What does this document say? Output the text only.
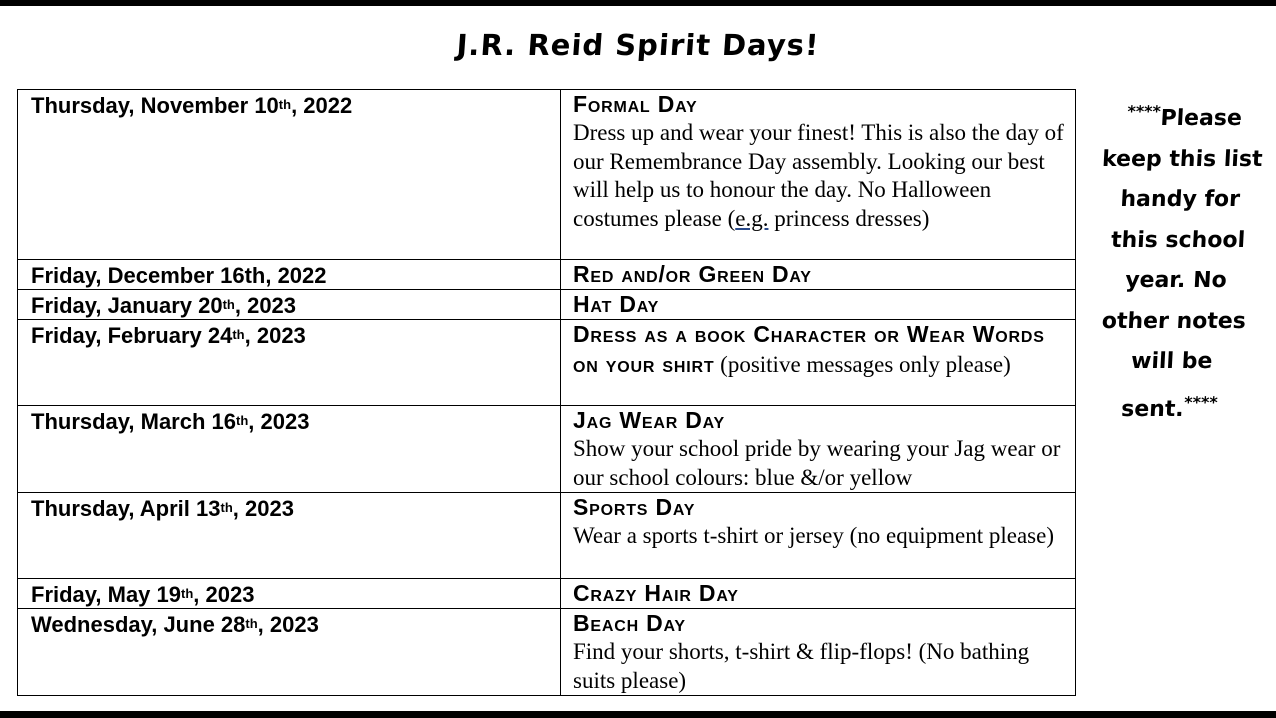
J.R. Reid Spirit Days!
Thursday, November 10th, 2022	Formal Day
Dress up and wear your finest! This is also the day of our Remembrance Day assembly. Looking our best will help us to honour the day. No Halloween costumes please (e.g. princess dresses)

Friday, December 16th, 2022	Red and/or Green Day

Friday, January 20th, 2023	Hat Day

Friday, February 24th, 2023	Dress as a book Character or Wear Words on your shirt (positive messages only please)
Thursday, March 16th, 2023	Jag Wear Day
Show your school pride by wearing your Jag wear or our school colours: blue &/or yellow

Thursday, April 13th, 2023	Sports Day
Wear a sports t-shirt or jersey (no equipment please)

Friday, May 19th, 2023	Crazy Hair Day

Wednesday, June 28th, 2023	Beach Day
Find your shorts, t-shirt & flip-flops! (No bathing suits please)
****Please keep this list handy for this school year. No other notes will be sent.****
